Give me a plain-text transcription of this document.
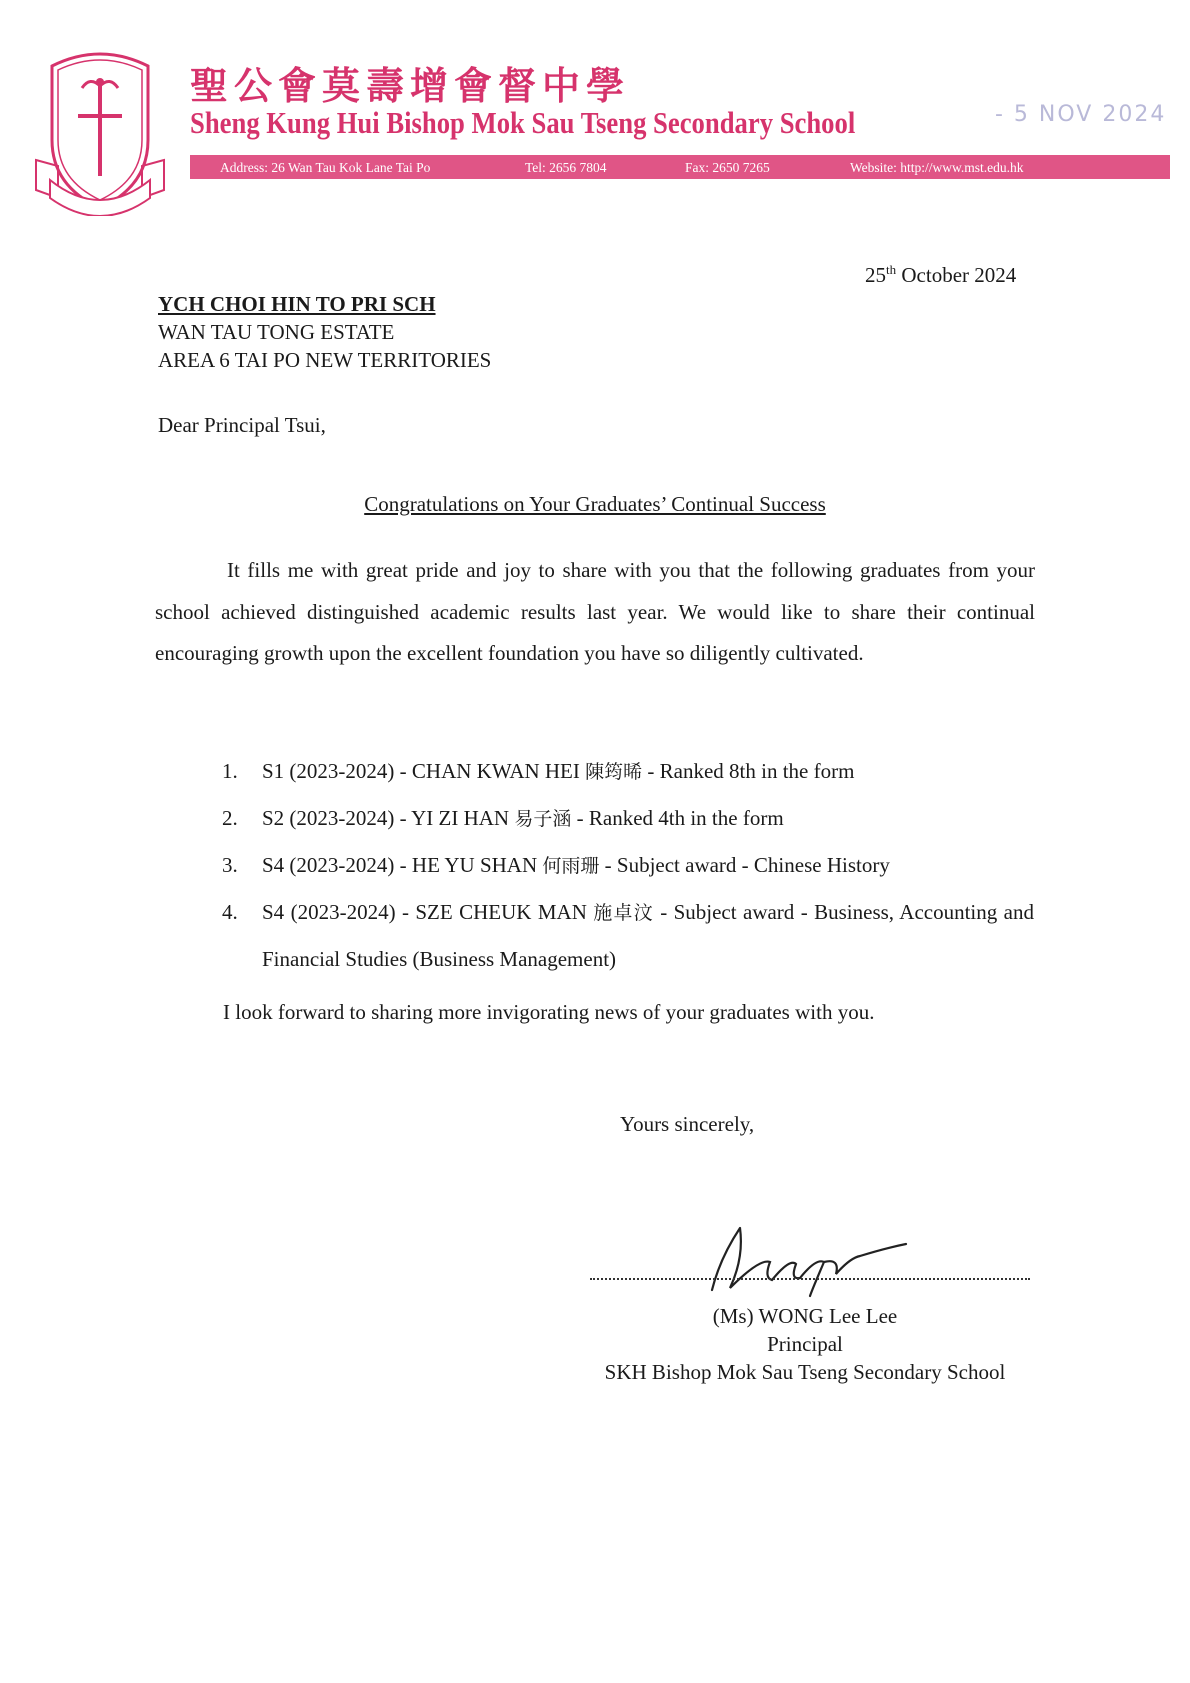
聖公會莫壽增會督中學
Sheng Kung Hui Bishop Mok Sau Tseng Secondary School	- 5 NOV 2024
Address: 26 Wan Tau Kok Lane Tai Po	Tel: 2656 7804	Fax: 2650 7265	Website: http://www.mst.edu.hk
25th October 2024
YCH CHOI HIN TO PRI SCH
WAN TAU TONG ESTATE
AREA 6 TAI PO NEW TERRITORIES
Dear Principal Tsui,
Congratulations on Your Graduates’ Continual Success
It fills me with great pride and joy to share with you that the following graduates from your school achieved distinguished academic results last year. We would like to share their continual encouraging growth upon the excellent foundation you have so diligently cultivated.
1. S1 (2023-2024) - CHAN KWAN HEI 陳筠晞 - Ranked 8th in the form
2. S2 (2023-2024) - YI ZI HAN 易子涵 - Ranked 4th in the form
3. S4 (2023-2024) - HE YU SHAN 何雨珊 - Subject award - Chinese History
4. S4 (2023-2024) - SZE CHEUK MAN 施卓汶 - Subject award - Business, Accounting and Financial Studies (Business Management)
I look forward to sharing more invigorating news of your graduates with you.
Yours sincerely,
(Ms) WONG Lee Lee
Principal
SKH Bishop Mok Sau Tseng Secondary School
